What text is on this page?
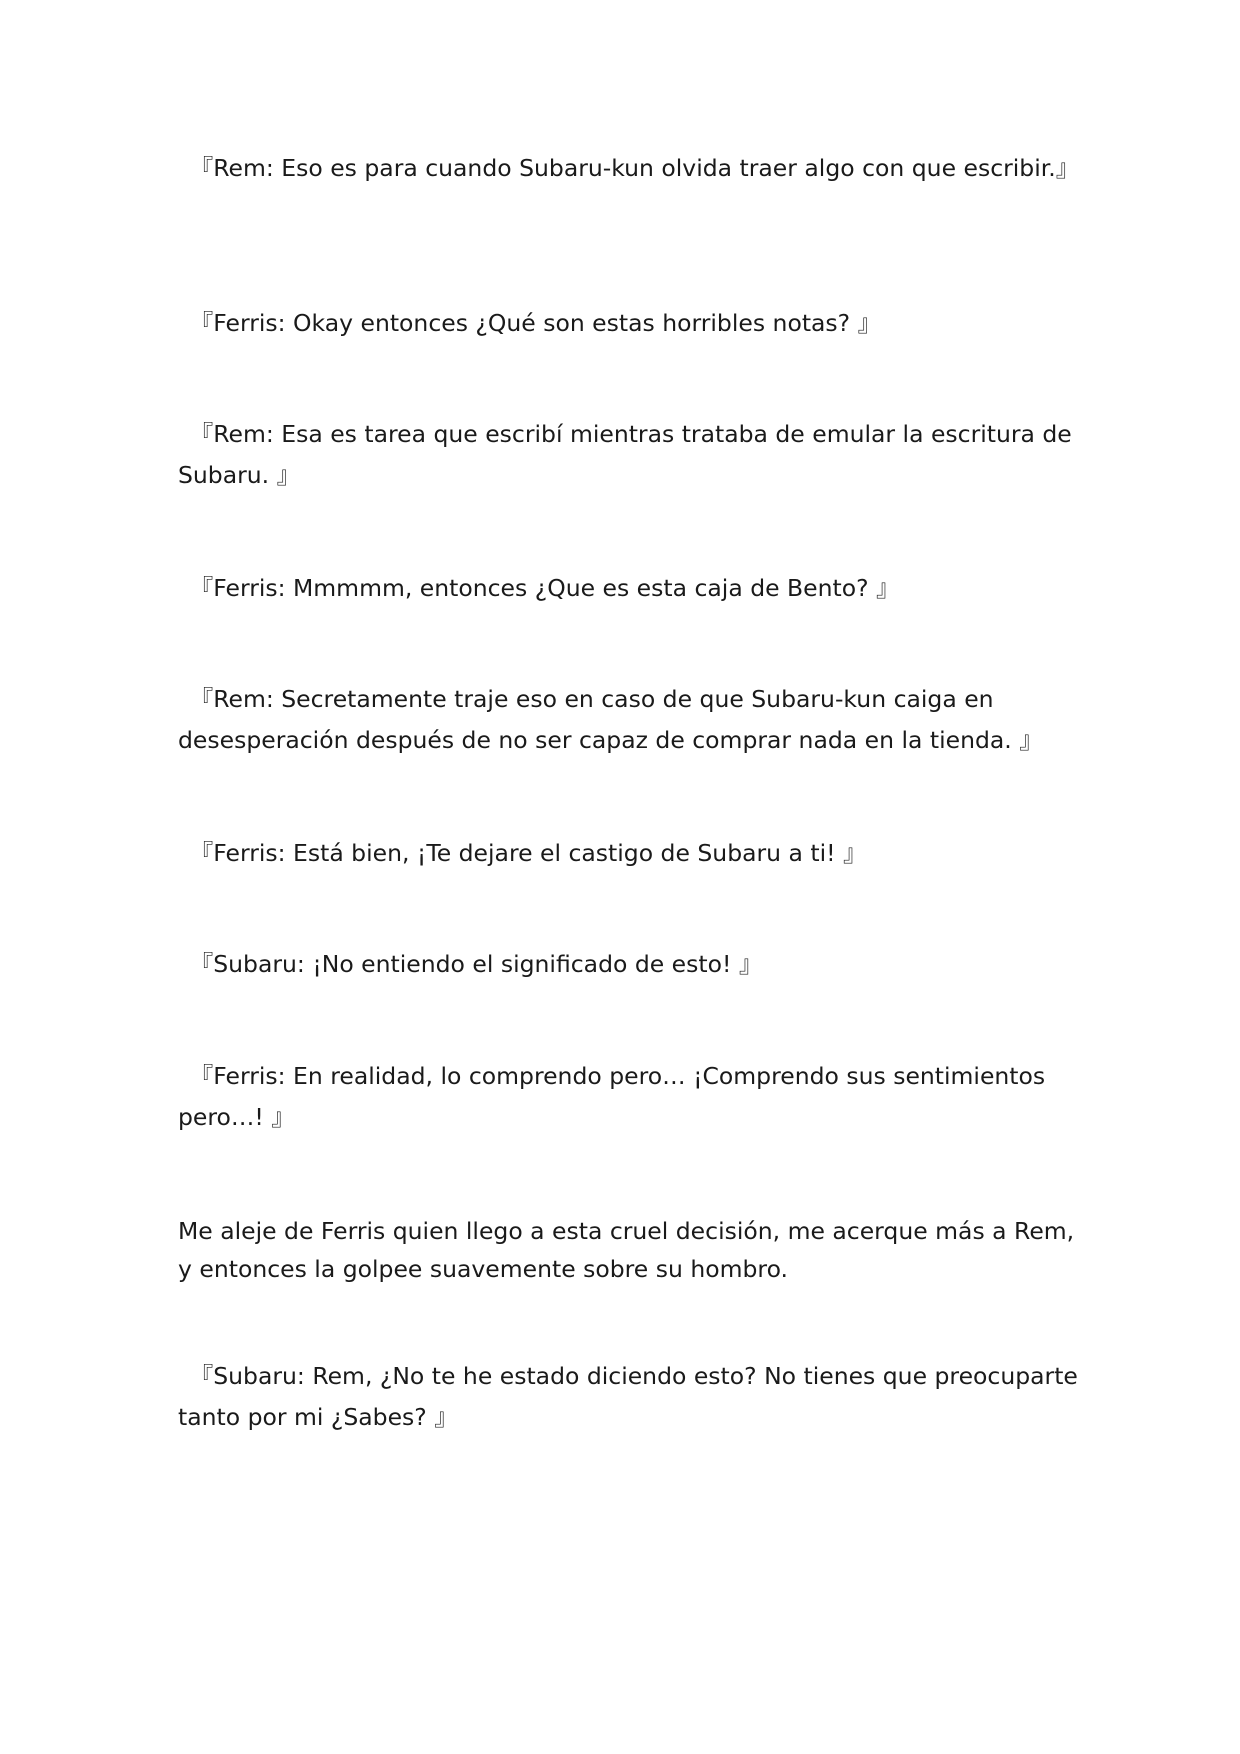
　『Rem: Eso es para cuando Subaru-kun olvida traer algo con que escribir.』

　『Ferris: Okay entonces ¿Qué son estas horribles notas? 』

　『Rem: Esa es tarea que escribí mientras trataba de emular la escritura de Subaru. 』

　『Ferris: Mmmmm, entonces ¿Que es esta caja de Bento? 』

　『Rem: Secretamente traje eso en caso de que Subaru-kun caiga en desesperación después de no ser capaz de comprar nada en la tienda. 』

　『Ferris: Está bien, ¡Te dejare el castigo de Subaru a ti! 』

　『Subaru: ¡No entiendo el significado de esto! 』

　『Ferris: En realidad, lo comprendo pero… ¡Comprendo sus sentimientos pero…! 』

Me aleje de Ferris quien llego a esta cruel decisión, me acerque más a Rem, y entonces la golpee suavemente sobre su hombro.

　『Subaru: Rem, ¿No te he estado diciendo esto? No tienes que preocuparte tanto por mi ¿Sabes? 』
